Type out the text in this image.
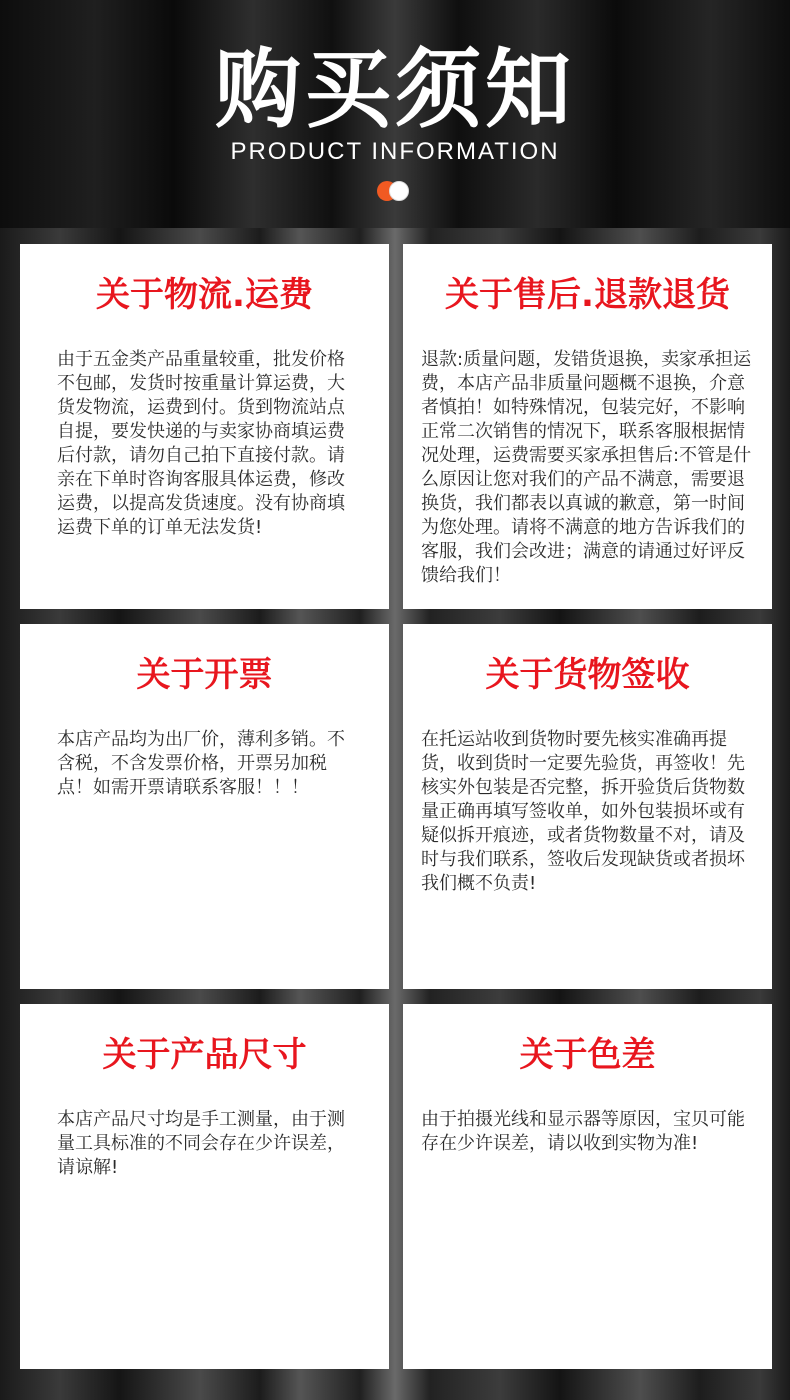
购买须知
PRODUCT INFORMATION
关于物流.运费

由于五金类产品重量较重，批发价格不包邮，发货时按重量计算运费，大货发物流，运费到付。货到物流站点自提，要发快递的与卖家协商填运费后付款，请勿自己拍下直接付款。请亲在下单时咨询客服具体运费，修改运费，以提高发货速度。没有协商填运费下单的订单无法发货!

关于售后.退款退货

退款:质量问题，发错货退换，卖家承担运费，本店产品非质量问题概不退换，介意者慎拍！如特殊情况，包装完好，不影响正常二次销售的情况下，联系客服根据情况处理，运费需要买家承担售后:不管是什么原因让您对我们的产品不满意，需要退换货，我们都表以真诚的歉意，第一时间为您处理。请将不满意的地方告诉我们的客服，我们会改进；满意的请通过好评反馈给我们！

关于开票

本店产品均为出厂价，薄利多销。不含税，不含发票价格，开票另加税点！如需开票请联系客服！！！

关于货物签收

在托运站收到货物时要先核实准确再提货，收到货时一定要先验货，再签收！先核实外包装是否完整，拆开验货后货物数量正确再填写签收单，如外包装损坏或有疑似拆开痕迹，或者货物数量不对，请及时与我们联系，签收后发现缺货或者损坏我们概不负责!

关于产品尺寸

本店产品尺寸均是手工测量，由于测量工具标准的不同会存在少许误差，请谅解!

关于色差

由于拍摄光线和显示器等原因，宝贝可能存在少许误差，请以收到实物为准!
